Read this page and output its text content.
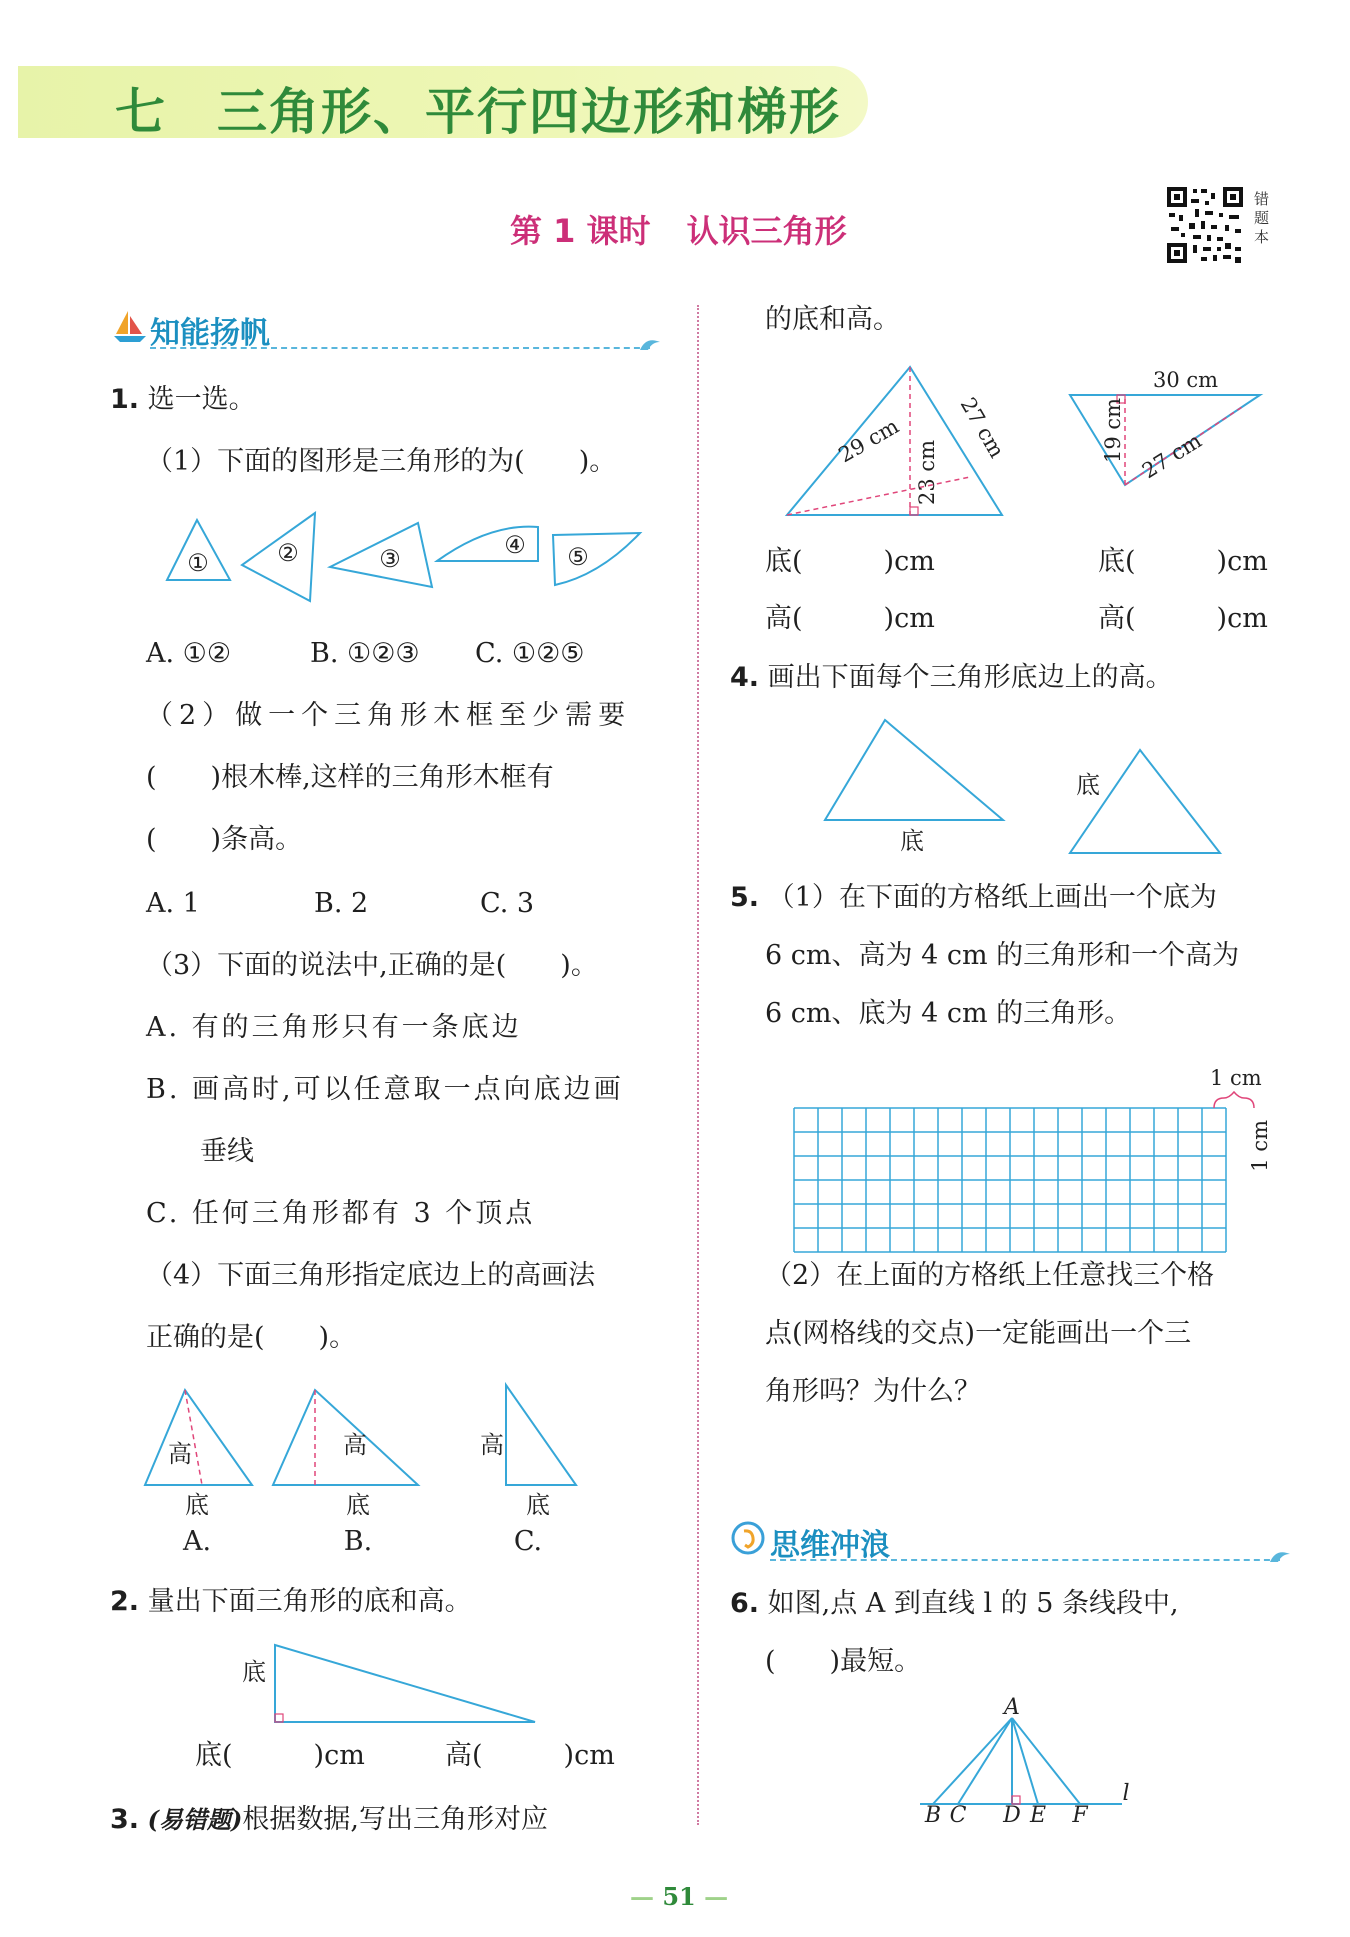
七 三角形、平行四边形和梯形
第 1 课时 认识三角形
错
题
本
知能扬帆
1. 选一选。
（1）下面的图形是三角形的为(　　)。
①	②	③	④ ⑤
A. ①②	B. ①②③ C. ①②⑤
（2）做一个三角形木框至少需要
(　　)根木棒,这样的三角形木框有
(　　)条高。
A. 1	B. 2	C. 3
（3）下面的说法中,正确的是(　　)。
A. 有的三角形只有一条底边
B. 画高时,可以任意取一点向底边画
垂线
C. 任何三角形都有 3 个顶点
（4）下面三角形指定底边上的高画法
正确的是(　　)。
高
底
高
底
高
底
A.	B.	C.
2. 量出下面三角形的底和高。
底
底(　　　)cm	高(　　　)cm
3. (易错题)根据数据,写出三角形对应
的底和高。
29 cm	27 cm
23 cm
30 cm
19 cm 27 cm
底(　　　)cm
高(　　　)cm
底(　　　)cm
高(　　　)cm
4. 画出下面每个三角形底边上的高。
底
底
5. （1）在下面的方格纸上画出一个底为
6 cm、高为 4 cm 的三角形和一个高为
6 cm、底为 4 cm 的三角形。
1 cm
1 cm
（2）在上面的方格纸上任意找三个格
点(网格线的交点)一定能画出一个三
角形吗？为什么？
思维冲浪
6. 如图,点 A 到直线 l 的 5 条线段中,
(　　)最短。
A
l
B C D E F
— 51 —
